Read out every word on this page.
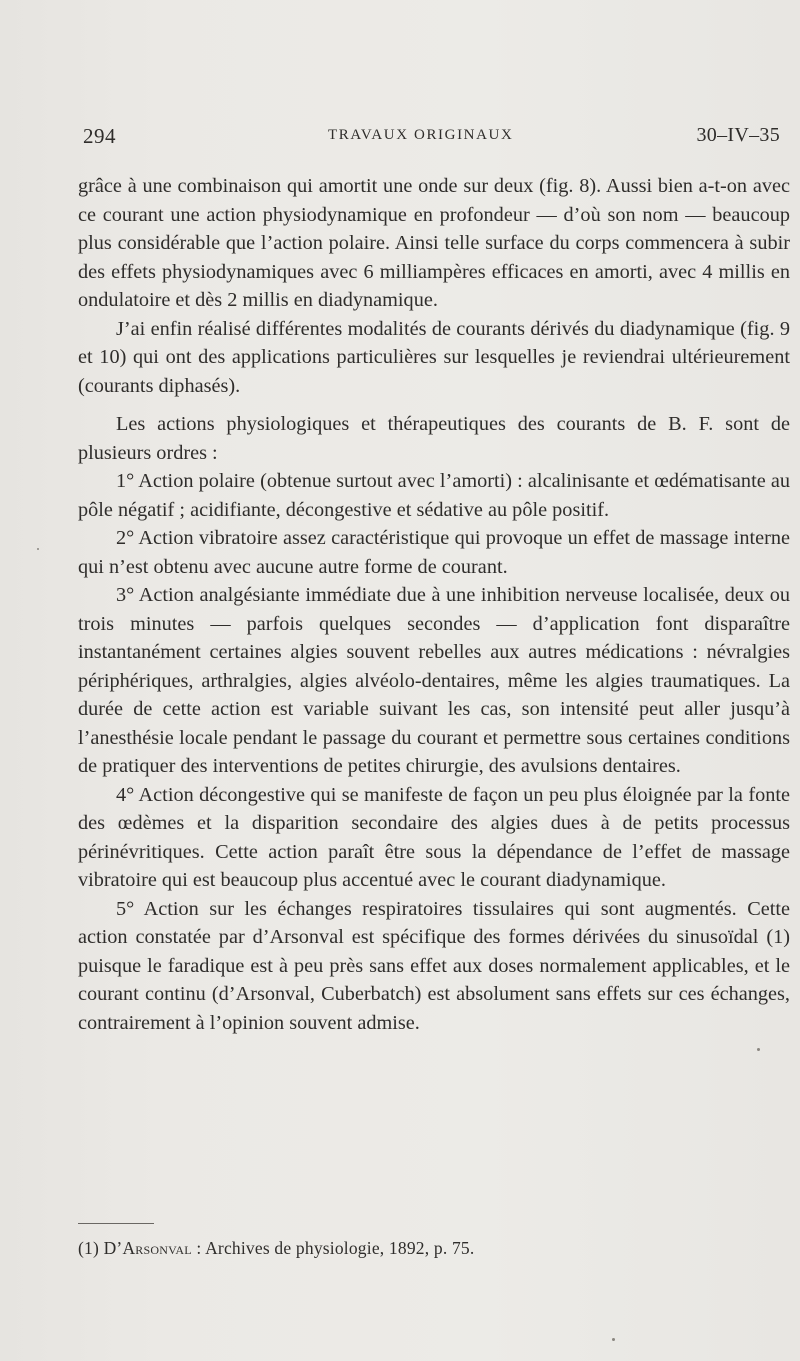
294	TRAVAUX ORIGINAUX	30–IV–35

grâce à une combinaison qui amortit une onde sur deux (fig. 8). Aussi bien a-t-on avec ce courant une action physiodynamique en profondeur — d’où son nom — beaucoup plus considérable que l’action polaire. Ainsi telle surface du corps commencera à subir des effets physiodynamiques avec 6 milliampères efficaces en amorti, avec 4 millis en ondulatoire et dès 2 millis en diadynamique.

J’ai enfin réalisé différentes modalités de courants dérivés du diadynamique (fig. 9 et 10) qui ont des applications particulières sur lesquelles je reviendrai ultérieurement (courants diphasés).

Les actions physiologiques et thérapeutiques des courants de B. F. sont de plusieurs ordres :

1° Action polaire (obtenue surtout avec l’amorti) : alcalinisante et œdématisante au pôle négatif ; acidifiante, décongestive et sédative au pôle positif.

2° Action vibratoire assez caractéristique qui provoque un effet de massage interne qui n’est obtenu avec aucune autre forme de courant.

3° Action analgésiante immédiate due à une inhibition nerveuse localisée, deux ou trois minutes — parfois quelques secondes — d’application font disparaître instantanément certaines algies souvent rebelles aux autres médications : névralgies périphériques, arthralgies, algies alvéolo-dentaires, même les algies traumatiques. La durée de cette action est variable suivant les cas, son intensité peut aller jusqu’à l’anesthésie locale pendant le passage du courant et permettre sous certaines conditions de pratiquer des interventions de petites chirurgie, des avulsions dentaires.

4° Action décongestive qui se manifeste de façon un peu plus éloignée par la fonte des œdèmes et la disparition secondaire des algies dues à de petits processus périnévritiques. Cette action paraît être sous la dépendance de l’effet de massage vibratoire qui est beaucoup plus accentué avec le courant diadynamique.

5° Action sur les échanges respiratoires tissulaires qui sont augmentés. Cette action constatée par d’Arsonval est spécifique des formes dérivées du sinusoïdal (1) puisque le faradique est à peu près sans effet aux doses normalement applicables, et le courant continu (d’Arsonval, Cuberbatch) est absolument sans effets sur ces échanges, contrairement à l’opinion souvent admise.

(1) D’Arsonval : Archives de physiologie, 1892, p. 75.
